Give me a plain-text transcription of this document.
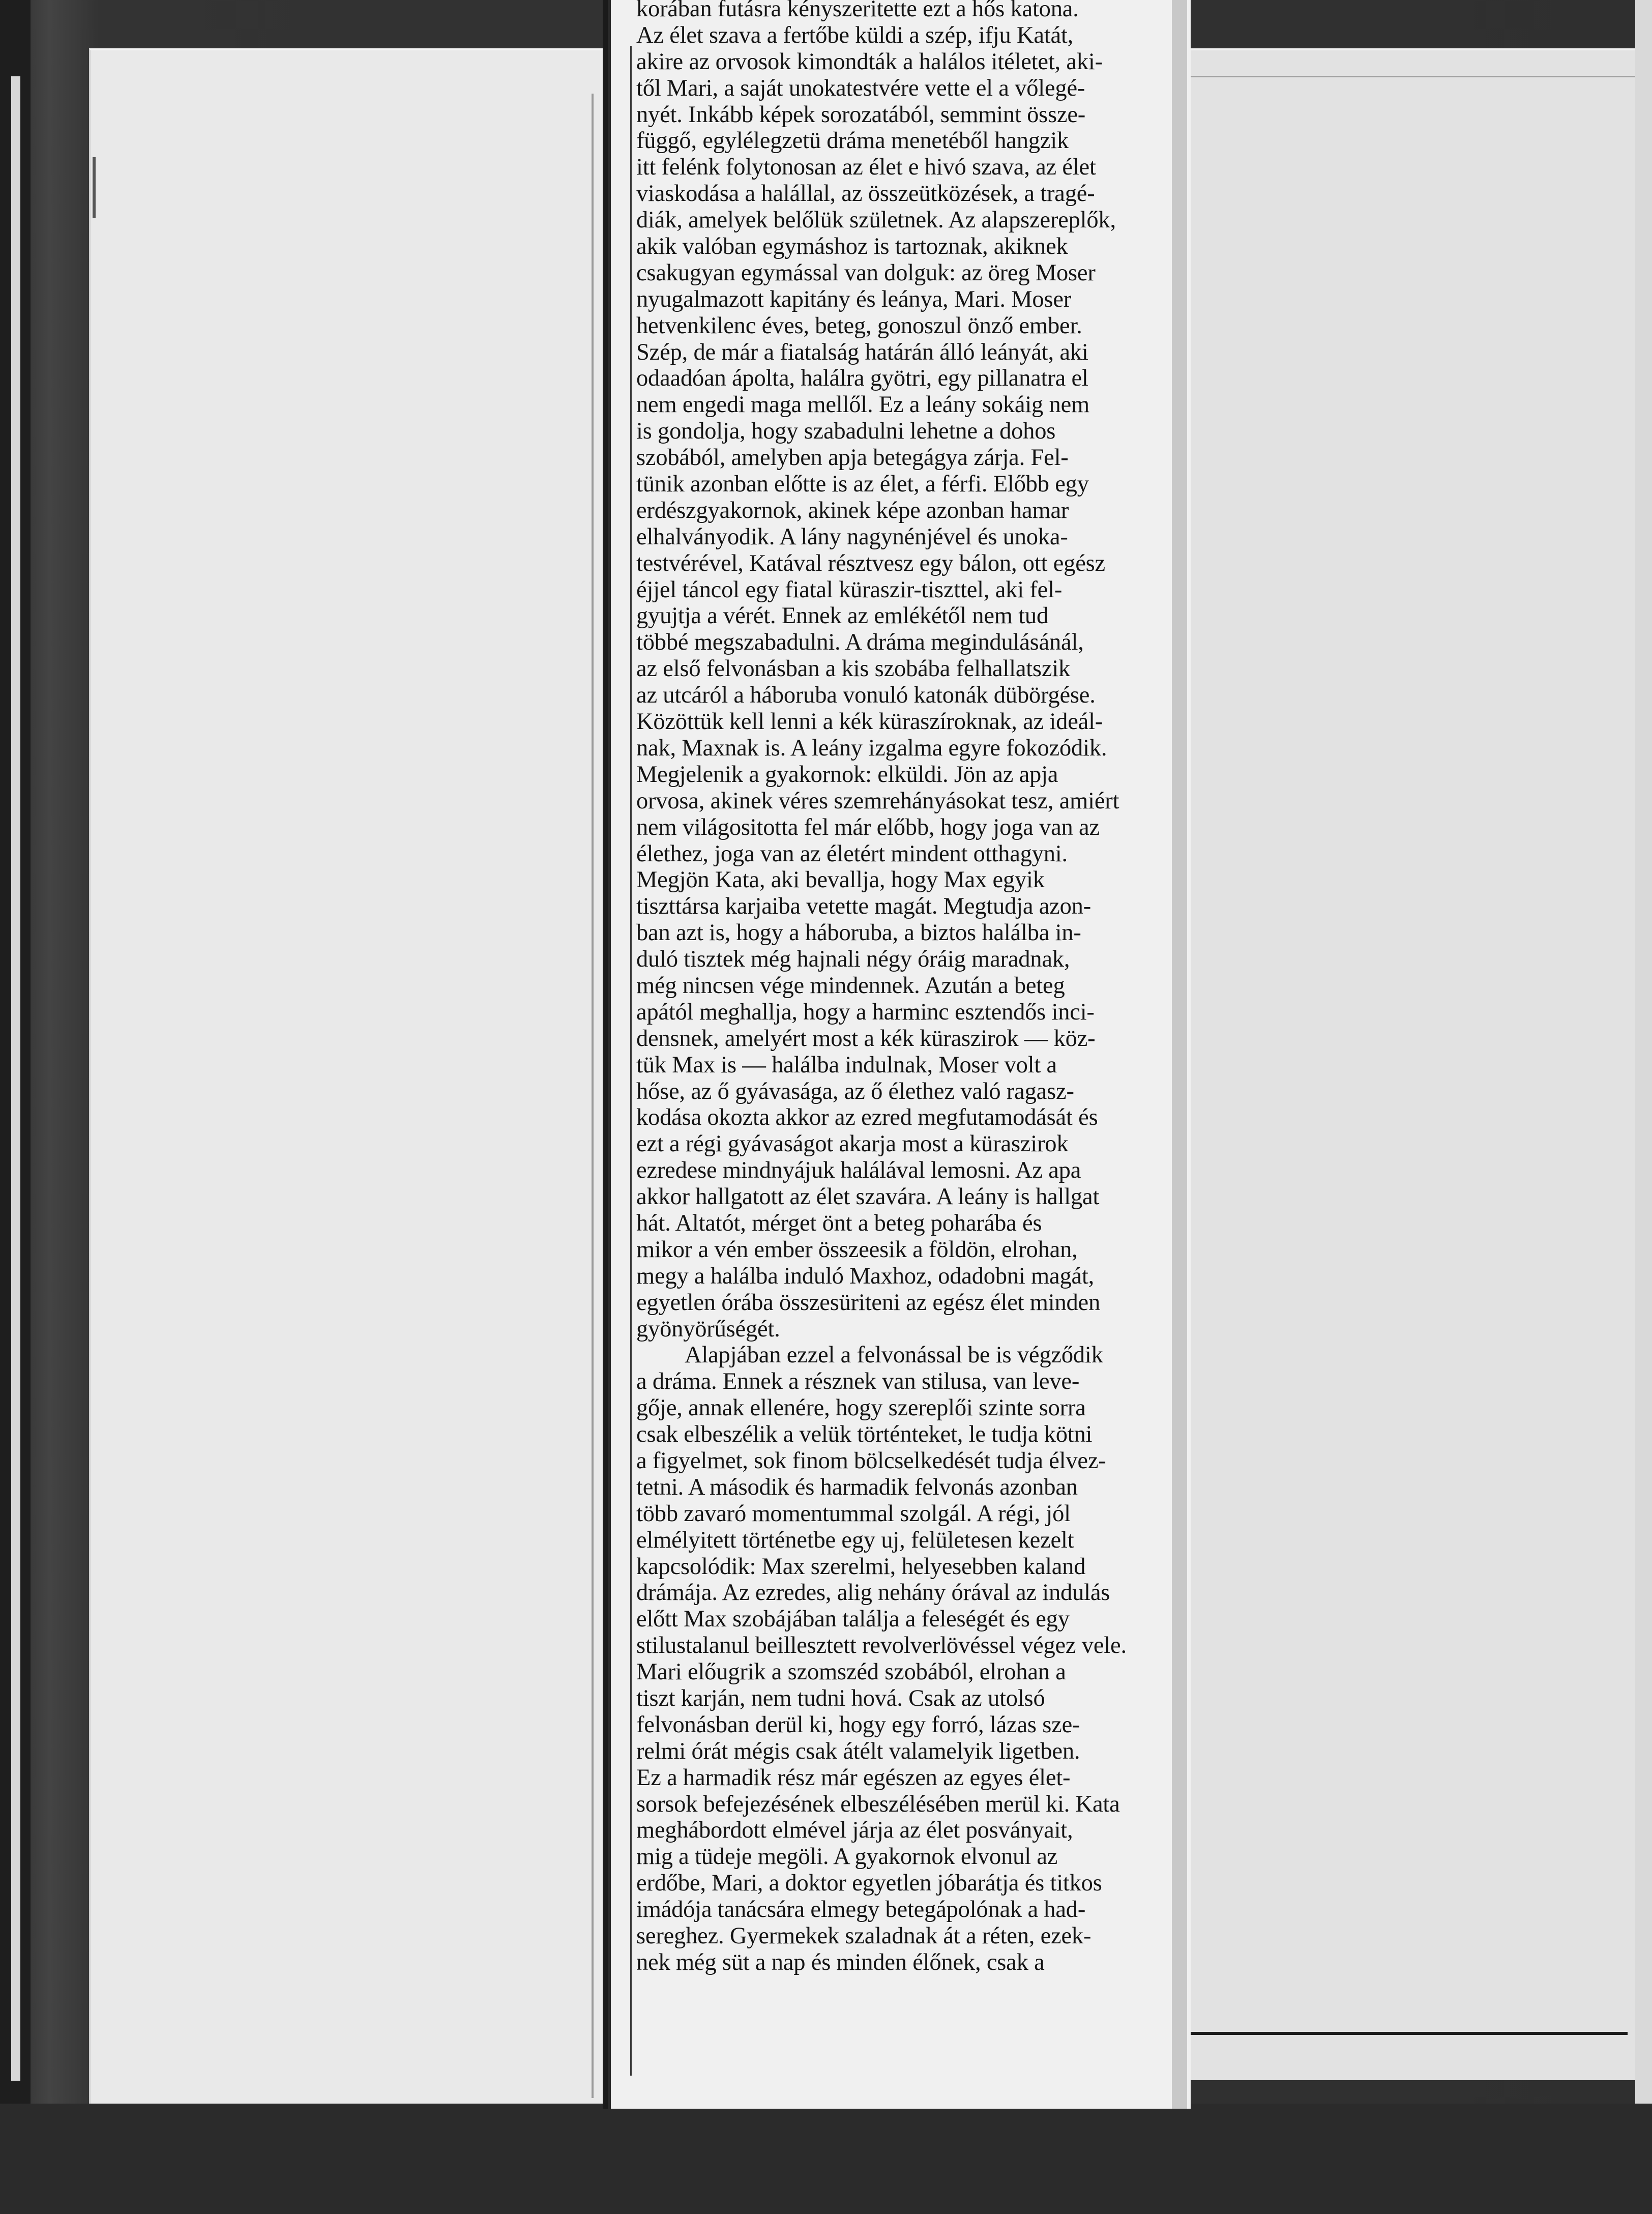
korában futásra kényszeritette ezt a hős katona.
Az élet szava a fertőbe küldi a szép, ifju Katát,
akire az orvosok kimondták a halálos itéletet, aki-
től Mari, a saját unokatestvére vette el a vőlegé-
nyét. Inkább képek sorozatából, semmint össze-
függő, egylélegzetü dráma menetéből hangzik
itt felénk folytonosan az élet e hivó szava, az élet
viaskodása a halállal, az összeütközések, a tragé-
diák, amelyek belőlük születnek. Az alapszereplők,
akik valóban egymáshoz is tartoznak, akiknek
csakugyan egymással van dolguk: az öreg Moser
nyugalmazott kapitány és leánya, Mari. Moser
hetvenkilenc éves, beteg, gonoszul önző ember.
Szép, de már a fiatalság határán álló leányát, aki
odaadóan ápolta, halálra gyötri, egy pillanatra el
nem engedi maga mellől. Ez a leány sokáig nem
is gondolja, hogy szabadulni lehetne a dohos
szobából, amelyben apja betegágya zárja. Fel-
tünik azonban előtte is az élet, a férfi. Előbb egy
erdészgyakornok, akinek képe azonban hamar
elhalványodik. A lány nagynénjével és unoka-
testvérével, Katával résztvesz egy bálon, ott egész
éjjel táncol egy fiatal küraszir-tiszttel, aki fel-
gyujtja a vérét. Ennek az emlékétől nem tud
többé megszabadulni. A dráma megindulásánál,
az első felvonásban a kis szobába felhallatszik
az utcáról a háboruba vonuló katonák dübörgése.
Közöttük kell lenni a kék küraszíroknak, az ideál-
nak, Maxnak is. A leány izgalma egyre fokozódik.
Megjelenik a gyakornok: elküldi. Jön az apja
orvosa, akinek véres szemrehányásokat tesz, amiért
nem világositotta fel már előbb, hogy joga van az
élethez, joga van az életért mindent otthagyni.
Megjön Kata, aki bevallja, hogy Max egyik
tiszttársa karjaiba vetette magát. Megtudja azon-
ban azt is, hogy a háboruba, a biztos halálba in-
duló tisztek még hajnali négy óráig maradnak,
még nincsen vége mindennek. Azután a beteg
apától meghallja, hogy a harminc esztendős inci-
densnek, amelyért most a kék küraszirok — köz-
tük Max is — halálba indulnak, Moser volt a
hőse, az ő gyávasága, az ő élethez való ragasz-
kodása okozta akkor az ezred megfutamodását és
ezt a régi gyávaságot akarja most a küraszirok
ezredese mindnyájuk halálával lemosni. Az apa
akkor hallgatott az élet szavára. A leány is hallgat
hát. Altatót, mérget önt a beteg poharába és
mikor a vén ember összeesik a földön, elrohan,
megy a halálba induló Maxhoz, odadobni magát,
egyetlen órába összesüriteni az egész élet minden
gyönyörűségét.
Alapjában ezzel a felvonással be is végződik
a dráma. Ennek a résznek van stilusa, van leve-
gője, annak ellenére, hogy szereplői szinte sorra
csak elbeszélik a velük történteket, le tudja kötni
a figyelmet, sok finom bölcselkedését tudja élvez-
tetni. A második és harmadik felvonás azonban
több zavaró momentummal szolgál. A régi, jól
elmélyitett történetbe egy uj, felületesen kezelt
kapcsolódik: Max szerelmi, helyesebben kaland
drámája. Az ezredes, alig nehány órával az indulás
előtt Max szobájában találja a feleségét és egy
stilustalanul beillesztett revolverlövéssel végez vele.
Mari előugrik a szomszéd szobából, elrohan a
tiszt karján, nem tudni hová. Csak az utolsó
felvonásban derül ki, hogy egy forró, lázas sze-
relmi órát mégis csak átélt valamelyik ligetben.
Ez a harmadik rész már egészen az egyes élet-
sorsok befejezésének elbeszélésében merül ki. Kata
meghábordott elmével járja az élet posványait,
mig a tüdeje megöli. A gyakornok elvonul az
erdőbe, Mari, a doktor egyetlen jóbarátja és titkos
imádója tanácsára elmegy betegápolónak a had-
sereghez. Gyermekek szaladnak át a réten, ezek-
nek még süt a nap és minden élőnek, csak a
